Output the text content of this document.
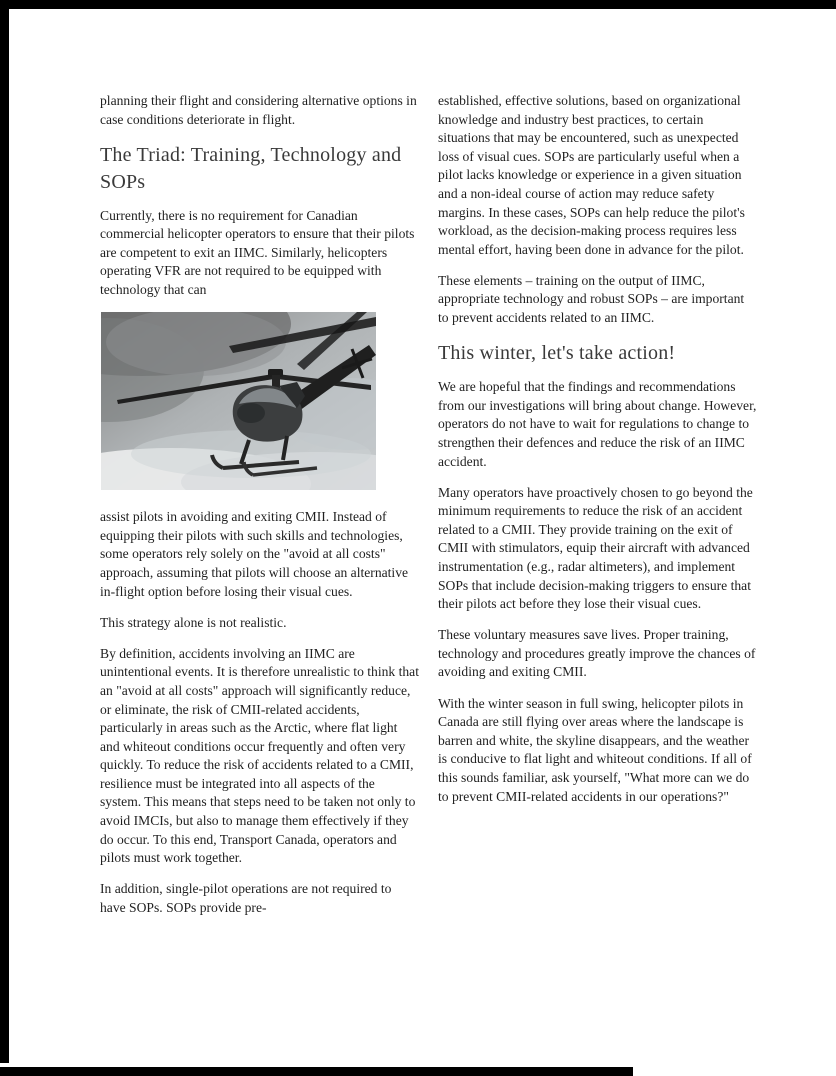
planning their flight and considering alternative options in case conditions deteriorate in flight.

The Triad: Training, Technology and SOPs

Currently, there is no requirement for Canadian commercial helicopter operators to ensure that their pilots are competent to exit an IIMC. Similarly, helicopters operating VFR are not required to be equipped with technology that can

assist pilots in avoiding and exiting CMII. Instead of equipping their pilots with such skills and technologies, some operators rely solely on the "avoid at all costs" approach, assuming that pilots will choose an alternative in-flight option before losing their visual cues.

This strategy alone is not realistic.

By definition, accidents involving an IIMC are unintentional events. It is therefore unrealistic to think that an "avoid at all costs" approach will significantly reduce, or eliminate, the risk of CMII-related accidents, particularly in areas such as the Arctic, where flat light and whiteout conditions occur frequently and often very quickly. To reduce the risk of accidents related to a CMII, resilience must be integrated into all aspects of the system. This means that steps need to be taken not only to avoid IMCIs, but also to manage them effectively if they do occur. To this end, Transport Canada, operators and pilots must work together.

In addition, single-pilot operations are not required to have SOPs. SOPs provide pre-

established, effective solutions, based on organizational knowledge and industry best practices, to certain situations that may be encountered, such as unexpected loss of visual cues. SOPs are particularly useful when a pilot lacks knowledge or experience in a given situation and a non-ideal course of action may reduce safety margins. In these cases, SOPs can help reduce the pilot's workload, as the decision-making process requires less mental effort, having been done in advance for the pilot.

These elements – training on the output of IIMC, appropriate technology and robust SOPs – are important to prevent accidents related to an IIMC.

This winter, let's take action!

We are hopeful that the findings and recommendations from our investigations will bring about change. However, operators do not have to wait for regulations to change to strengthen their defences and reduce the risk of an IIMC accident.

Many operators have proactively chosen to go beyond the minimum requirements to reduce the risk of an accident related to a CMII. They provide training on the exit of CMII with stimulators, equip their aircraft with advanced instrumentation (e.g., radar altimeters), and implement SOPs that include decision-making triggers to ensure that their pilots act before they lose their visual cues.

These voluntary measures save lives. Proper training, technology and procedures greatly improve the chances of avoiding and exiting CMII.

With the winter season in full swing, helicopter pilots in Canada are still flying over areas where the landscape is barren and white, the skyline disappears, and the weather is conducive to flat light and whiteout conditions. If all of this sounds familiar, ask yourself, "What more can we do to prevent CMII-related accidents in our operations?"
